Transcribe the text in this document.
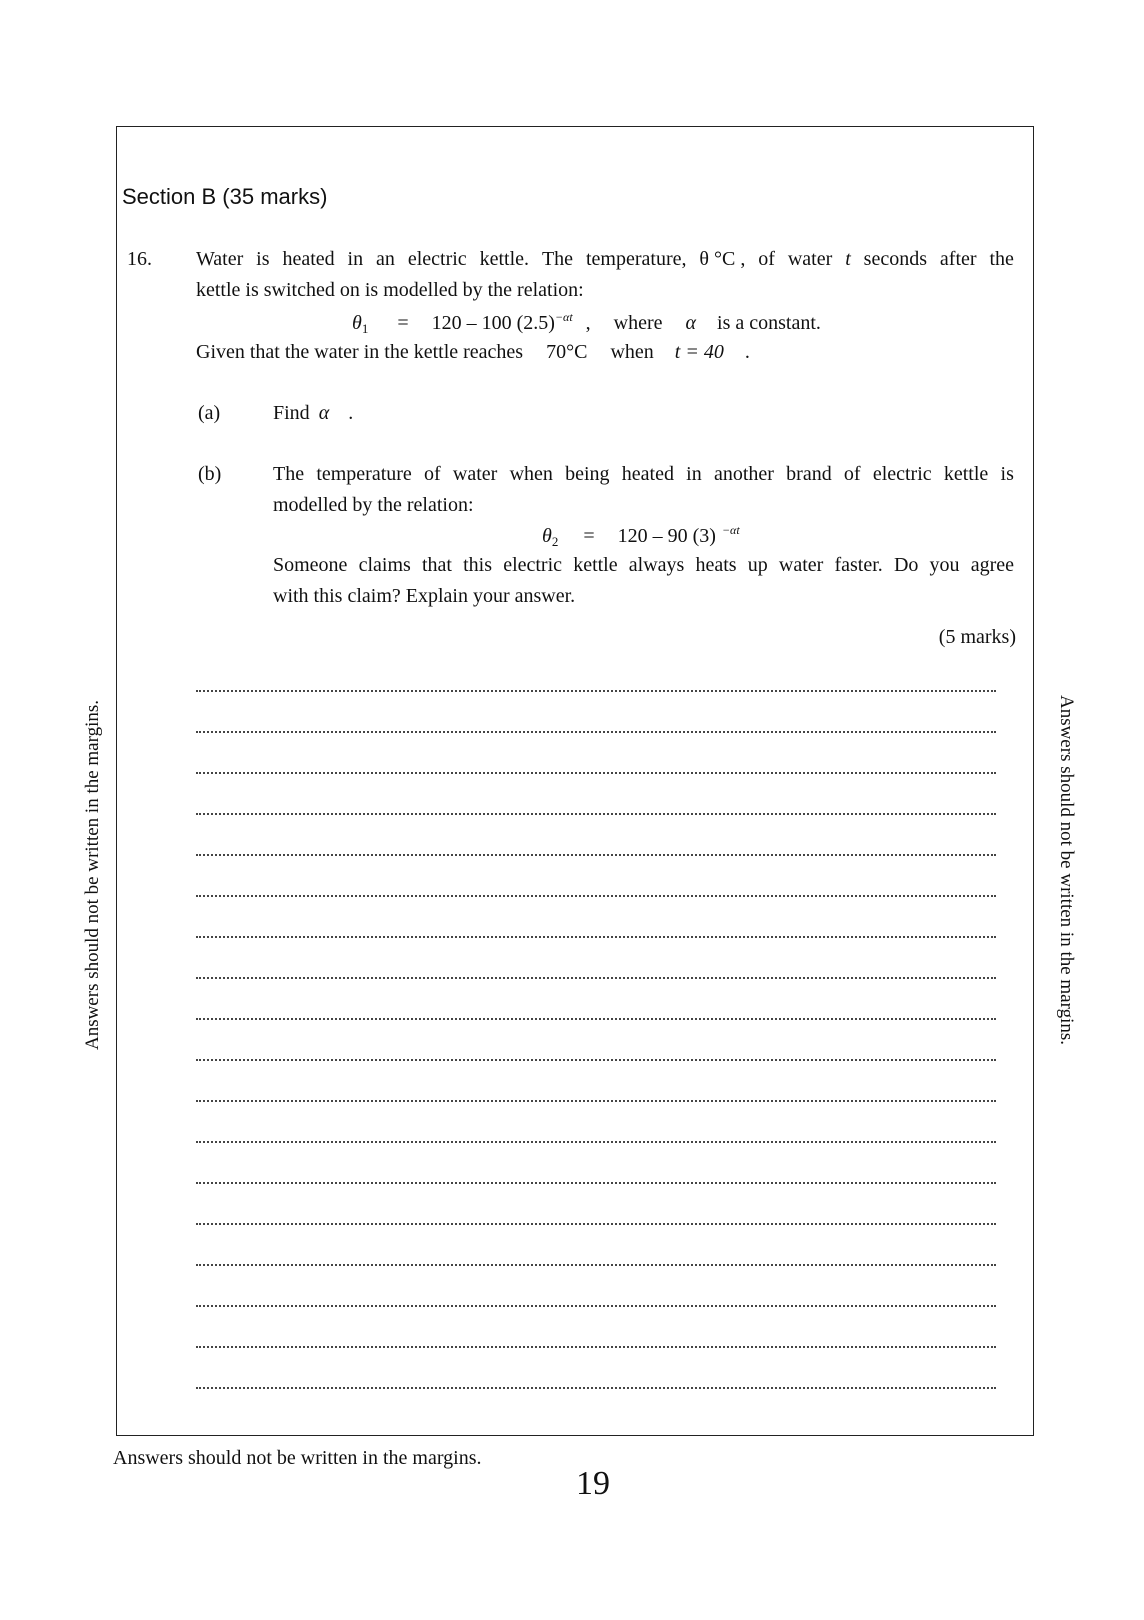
Section B (35 marks)
16. Water is heated in an electric kettle. The temperature, θ °C , of water t seconds after the
kettle is switched on is modelled by the relation:
$\theta_1 = 120 - 100$ $(2.5)^{-\alpha t}$ , where α is a constant.
Given that the water in the kettle reaches 70°C when t = 40 .
(a)	Find α .
(b)	The temperature of water when being heated in another brand of electric kettle is
modelled by the relation:
$\theta_2 = 120 - 90$ (3) $^{-\alpha t}$
Someone claims that this electric kettle always heats up water faster. Do you agree
with this claim? Explain your answer.
(5 marks)
Answers should not be written in the margins.	Answers should not be written in the margins.
Answers should not be written in the margins.
19
